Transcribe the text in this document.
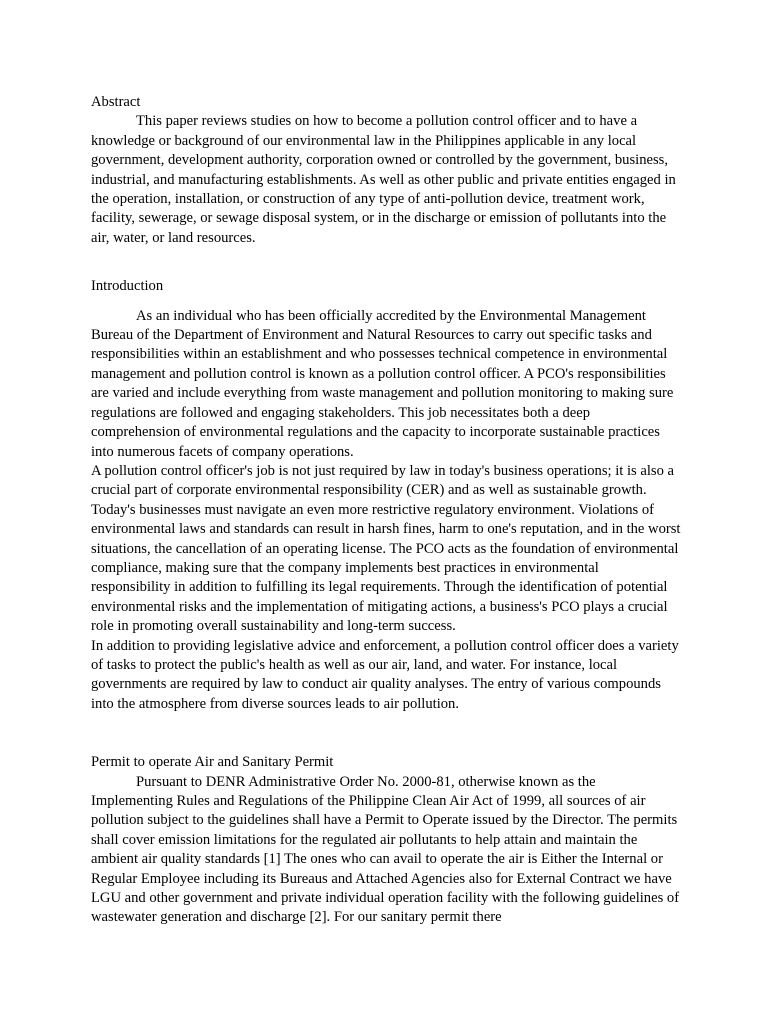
Abstract

This paper reviews studies on how to become a pollution control officer and to have a knowledge or background of our environmental law in the Philippines applicable in any local government, development authority, corporation owned or controlled by the government, business, industrial, and manufacturing establishments. As well as other public and private entities engaged in the operation, installation, or construction of any type of anti-pollution device, treatment work, facility, sewerage, or sewage disposal system, or in the discharge or emission of pollutants into the air, water, or land resources.

Introduction

As an individual who has been officially accredited by the Environmental Management Bureau of the Department of Environment and Natural Resources to carry out specific tasks and responsibilities within an establishment and who possesses technical competence in environmental management and pollution control is known as a pollution control officer. A PCO's responsibilities are varied and include everything from waste management and pollution monitoring to making sure regulations are followed and engaging stakeholders. This job necessitates both a deep comprehension of environmental regulations and the capacity to incorporate sustainable practices into numerous facets of company operations.

A pollution control officer's job is not just required by law in today's business operations; it is also a crucial part of corporate environmental responsibility (CER) and as well as sustainable growth. Today's businesses must navigate an even more restrictive regulatory environment. Violations of environmental laws and standards can result in harsh fines, harm to one's reputation, and in the worst situations, the cancellation of an operating license. The PCO acts as the foundation of environmental compliance, making sure that the company implements best practices in environmental responsibility in addition to fulfilling its legal requirements. Through the identification of potential environmental risks and the implementation of mitigating actions, a business's PCO plays a crucial role in promoting overall sustainability and long-term success.

In addition to providing legislative advice and enforcement, a pollution control officer does a variety of tasks to protect the public's health as well as our air, land, and water. For instance, local governments are required by law to conduct air quality analyses. The entry of various compounds into the atmosphere from diverse sources leads to air pollution.

Permit to operate Air and Sanitary Permit

Pursuant to DENR Administrative Order No. 2000-81, otherwise known as the Implementing Rules and Regulations of the Philippine Clean Air Act of 1999, all sources of air pollution subject to the guidelines shall have a Permit to Operate issued by the Director. The permits shall cover emission limitations for the regulated air pollutants to help attain and maintain the ambient air quality standards [1] The ones who can avail to operate the air is Either the Internal or Regular Employee including its Bureaus and Attached Agencies also for External Contract we have LGU and other government and private individual operation facility with the following guidelines of wastewater generation and discharge [2]. For our sanitary permit there
